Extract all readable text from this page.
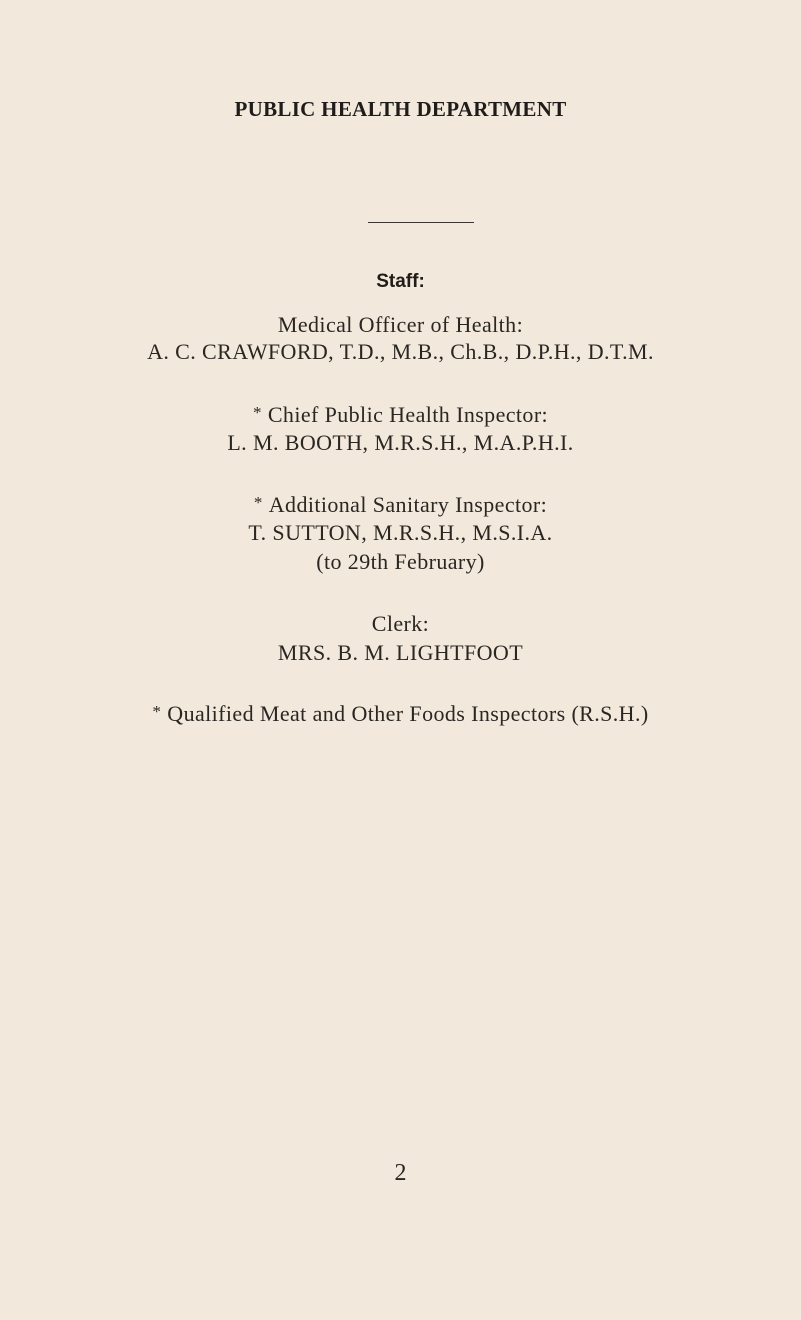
PUBLIC HEALTH DEPARTMENT
Staff:
Medical Officer of Health:
A. C. CRAWFORD, T.D., M.B., Ch.B., D.P.H., D.T.M.
* Chief Public Health Inspector:
L. M. BOOTH, M.R.S.H., M.A.P.H.I.
* Additional Sanitary Inspector:
T. SUTTON, M.R.S.H., M.S.I.A.
(to 29th February)
Clerk:
MRS. B. M. LIGHTFOOT
* Qualified Meat and Other Foods Inspectors (R.S.H.)
2
